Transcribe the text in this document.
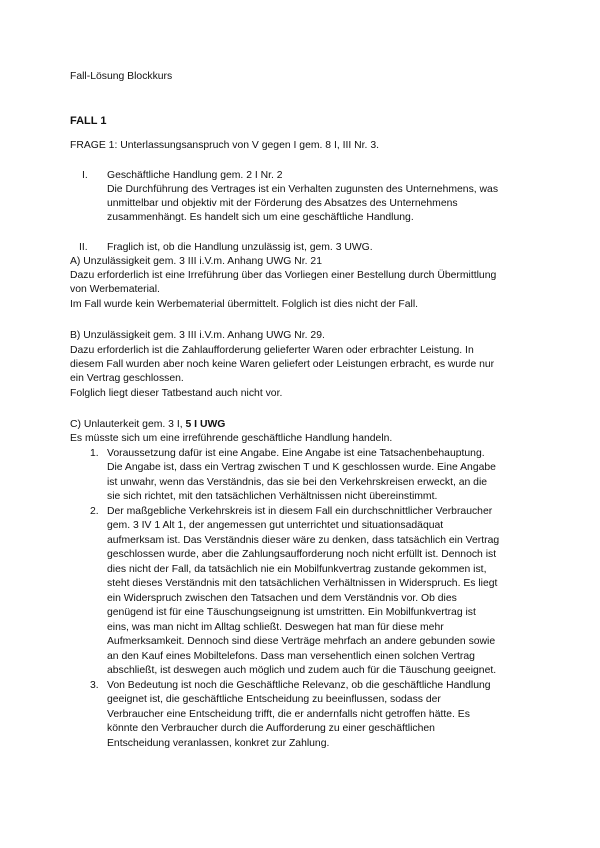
Fall-Lösung Blockkurs
FALL 1
FRAGE 1: Unterlassungsanspruch von V gegen I gem. 8 I, III Nr. 3.
I. Geschäftliche Handlung gem. 2 I Nr. 2
Die Durchführung des Vertrages ist ein Verhalten zugunsten des Unternehmens, was
unmittelbar und objektiv mit der Förderung des Absatzes des Unternehmens
zusammenhängt. Es handelt sich um eine geschäftliche Handlung.
II. Fraglich ist, ob die Handlung unzulässig ist, gem. 3 UWG.
A) Unzulässigkeit gem. 3 III i.V.m. Anhang UWG Nr. 21
Dazu erforderlich ist eine Irreführung über das Vorliegen einer Bestellung durch Übermittlung
von Werbematerial.
Im Fall wurde kein Werbematerial übermittelt. Folglich ist dies nicht der Fall.
B) Unzulässigkeit gem. 3 III i.V.m. Anhang UWG Nr. 29.
Dazu erforderlich ist die Zahlaufforderung gelieferter Waren oder erbrachter Leistung. In
diesem Fall wurden aber noch keine Waren geliefert oder Leistungen erbracht, es wurde nur
ein Vertrag geschlossen.
Folglich liegt dieser Tatbestand auch nicht vor.
C) Unlauterkeit gem. 3 I, 5 I UWG
Es müsste sich um eine irreführende geschäftliche Handlung handeln.
1. Voraussetzung dafür ist eine Angabe. Eine Angabe ist eine Tatsachenbehauptung.
Die Angabe ist, dass ein Vertrag zwischen T und K geschlossen wurde. Eine Angabe
ist unwahr, wenn das Verständnis, das sie bei den Verkehrskreisen erweckt, an die
sie sich richtet, mit den tatsächlichen Verhältnissen nicht übereinstimmt.
2. Der maßgebliche Verkehrskreis ist in diesem Fall ein durchschnittlicher Verbraucher
gem. 3 IV 1 Alt 1, der angemessen gut unterrichtet und situationsadäquat
aufmerksam ist. Das Verständnis dieser wäre zu denken, dass tatsächlich ein Vertrag
geschlossen wurde, aber die Zahlungsaufforderung noch nicht erfüllt ist. Dennoch ist
dies nicht der Fall, da tatsächlich nie ein Mobilfunkvertrag zustande gekommen ist,
steht dieses Verständnis mit den tatsächlichen Verhältnissen in Widerspruch. Es liegt
ein Widerspruch zwischen den Tatsachen und dem Verständnis vor. Ob dies
genügend ist für eine Täuschungseignung ist umstritten. Ein Mobilfunkvertrag ist
eins, was man nicht im Alltag schließt. Deswegen hat man für diese mehr
Aufmerksamkeit. Dennoch sind diese Verträge mehrfach an andere gebunden sowie
an den Kauf eines Mobiltelefons. Dass man versehentlich einen solchen Vertrag
abschließt, ist deswegen auch möglich und zudem auch für die Täuschung geeignet.
3. Von Bedeutung ist noch die Geschäftliche Relevanz, ob die geschäftliche Handlung
geeignet ist, die geschäftliche Entscheidung zu beeinflussen, sodass der
Verbraucher eine Entscheidung trifft, die er andernfalls nicht getroffen hätte. Es
könnte den Verbraucher durch die Aufforderung zu einer geschäftlichen
Entscheidung veranlassen, konkret zur Zahlung.
